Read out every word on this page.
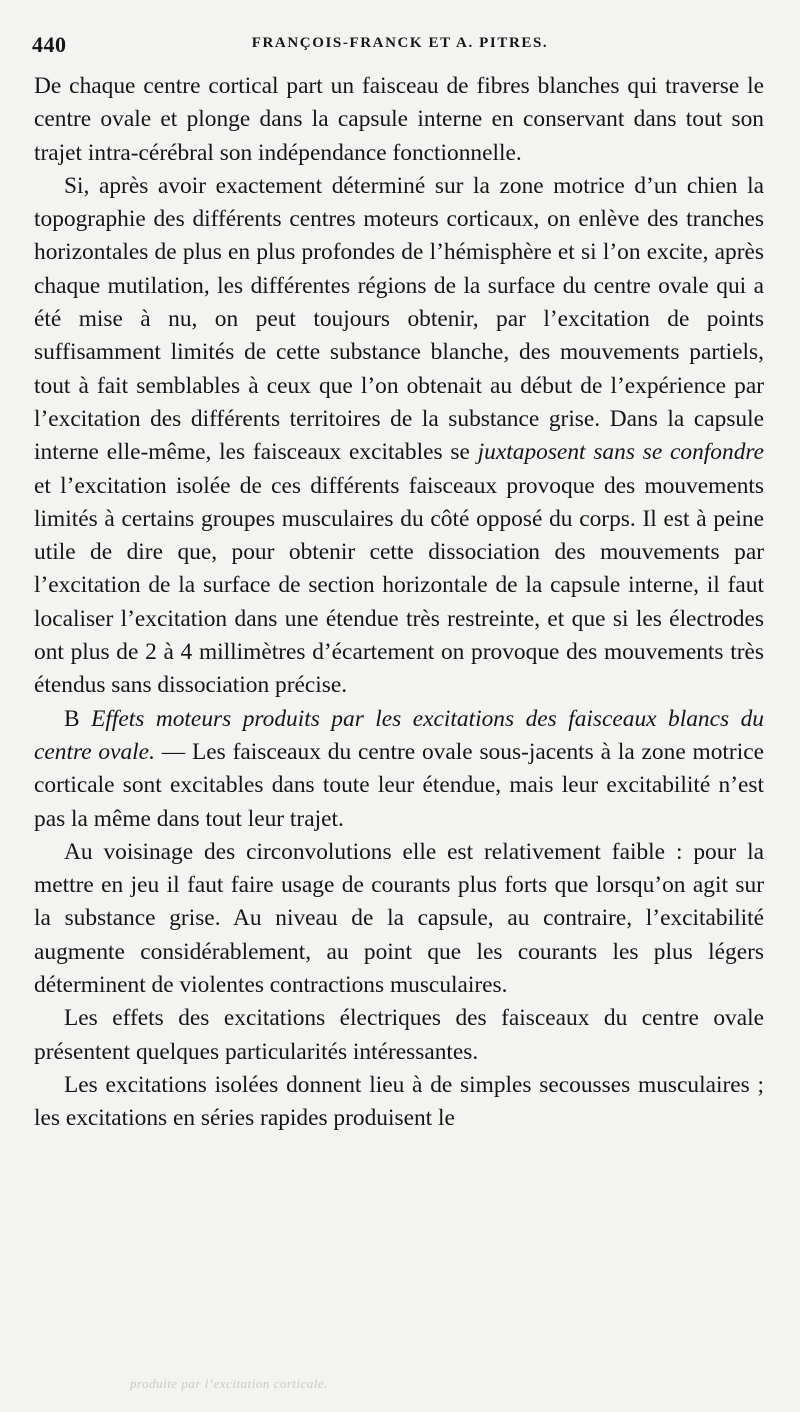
440	FRANÇOIS-FRANCK ET A. PITRES.

De chaque centre cortical part un faisceau de fibres blanches qui traverse le centre ovale et plonge dans la capsule interne en conservant dans tout son trajet intra-cérébral son indépendance fonctionnelle.

Si, après avoir exactement déterminé sur la zone motrice d’un chien la topographie des différents centres moteurs corticaux, on enlève des tranches horizontales de plus en plus profondes de l’hémisphère et si l’on excite, après chaque mutilation, les différentes régions de la surface du centre ovale qui a été mise à nu, on peut toujours obtenir, par l’excitation de points suffisamment limités de cette substance blanche, des mouvements partiels, tout à fait semblables à ceux que l’on obtenait au début de l’expérience par l’excitation des différents territoires de la substance grise. Dans la capsule interne elle-même, les faisceaux excitables se juxtaposent sans se confondre et l’excitation isolée de ces différents faisceaux provoque des mouvements limités à certains groupes musculaires du côté opposé du corps. Il est à peine utile de dire que, pour obtenir cette dissociation des mouvements par l’excitation de la surface de section horizontale de la capsule interne, il faut localiser l’excitation dans une étendue très restreinte, et que si les électrodes ont plus de 2 à 4 millimètres d’écartement on provoque des mouvements très étendus sans dissociation précise.

B Effets moteurs produits par les excitations des faisceaux blancs du centre ovale. — Les faisceaux du centre ovale sous-jacents à la zone motrice corticale sont excitables dans toute leur étendue, mais leur excitabilité n’est pas la même dans tout leur trajet.

Au voisinage des circonvolutions elle est relativement faible : pour la mettre en jeu il faut faire usage de courants plus forts que lorsqu’on agit sur la substance grise. Au niveau de la capsule, au contraire, l’excitabilité augmente considérablement, au point que les courants les plus légers déterminent de violentes contractions musculaires.

Les effets des excitations électriques des faisceaux du centre ovale présentent quelques particularités intéressantes.

Les excitations isolées donnent lieu à de simples secousses musculaires ; les excitations en séries rapides produisent le

produite par l’excitation corticale.
